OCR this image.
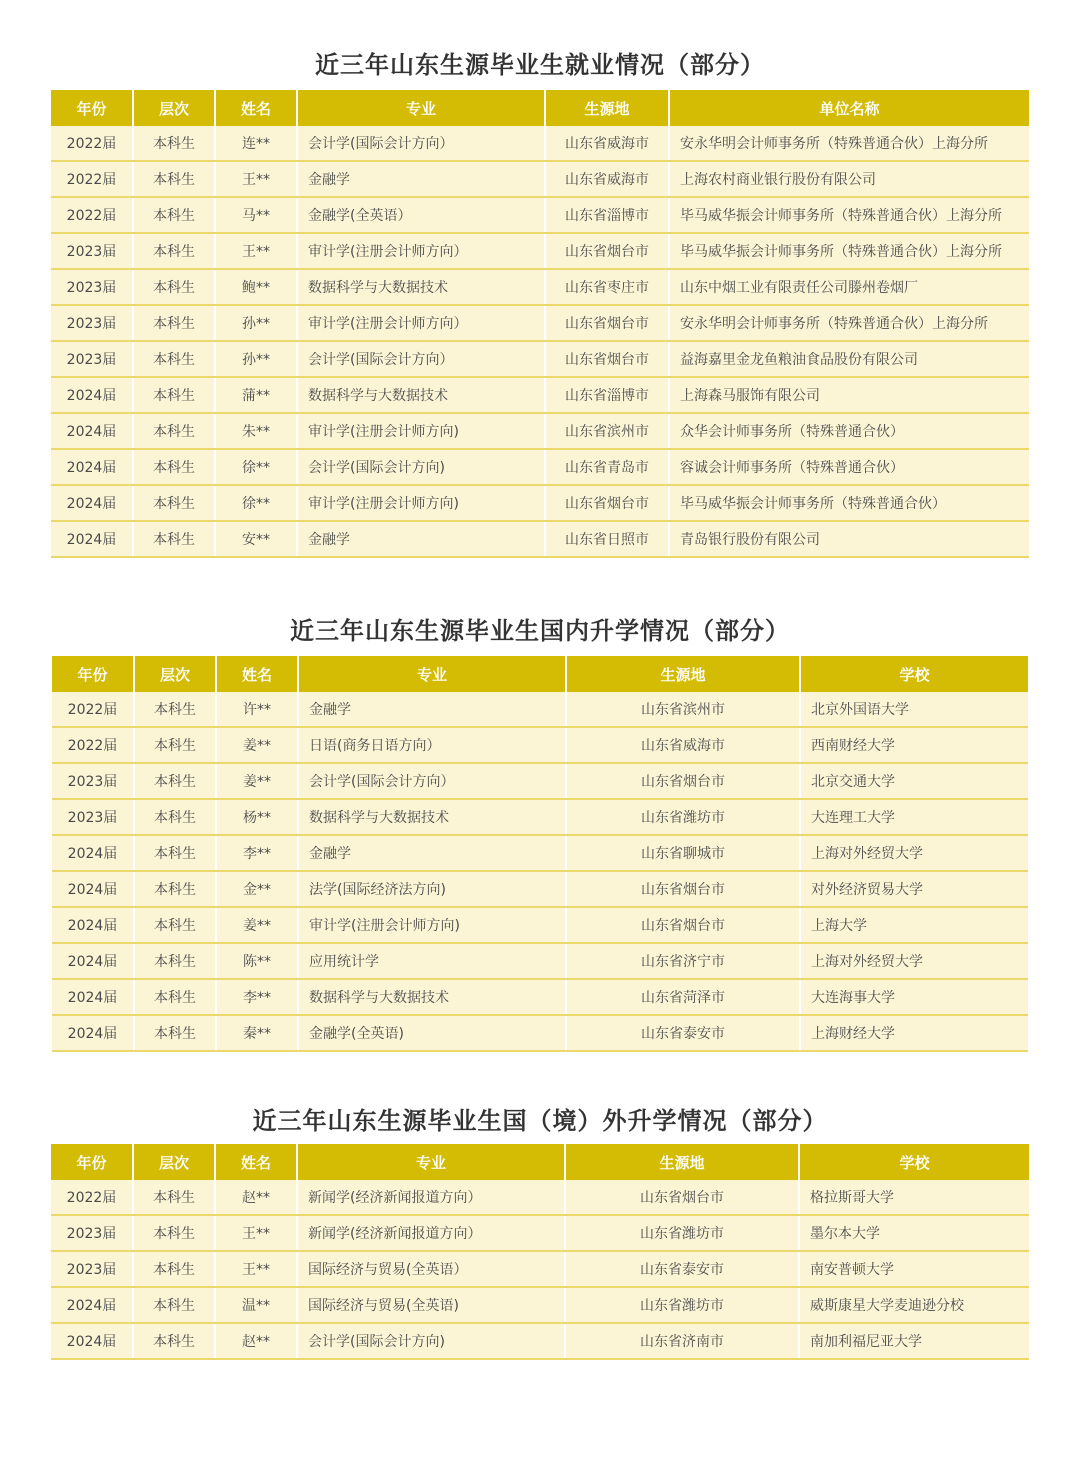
近三年山东生源毕业生就业情况（部分）
年份	层次	姓名	专业	生源地	单位名称
2022届	本科生	连**	会计学(国际会计方向）	山东省威海市	安永华明会计师事务所（特殊普通合伙）上海分所
2022届	本科生	王**	金融学	山东省威海市	上海农村商业银行股份有限公司
2022届	本科生	马**	金融学(全英语）	山东省淄博市	毕马威华振会计师事务所（特殊普通合伙）上海分所
2023届	本科生	王**	审计学(注册会计师方向）	山东省烟台市	毕马威华振会计师事务所（特殊普通合伙）上海分所
2023届	本科生	鲍**	数据科学与大数据技术	山东省枣庄市	山东中烟工业有限责任公司滕州卷烟厂
2023届	本科生	孙**	审计学(注册会计师方向）	山东省烟台市	安永华明会计师事务所（特殊普通合伙）上海分所
2023届	本科生	孙**	会计学(国际会计方向）	山东省烟台市	益海嘉里金龙鱼粮油食品股份有限公司
2024届	本科生	蒲**	数据科学与大数据技术	山东省淄博市	上海森马服饰有限公司
2024届	本科生	朱**	审计学(注册会计师方向)	山东省滨州市	众华会计师事务所（特殊普通合伙）
2024届	本科生	徐**	会计学(国际会计方向)	山东省青岛市	容诚会计师事务所（特殊普通合伙）
2024届	本科生	徐**	审计学(注册会计师方向)	山东省烟台市	毕马威华振会计师事务所（特殊普通合伙）
2024届	本科生	安**	金融学	山东省日照市	青岛银行股份有限公司
近三年山东生源毕业生国内升学情况（部分）
年份	层次	姓名	专业	生源地	学校
2022届	本科生	许**	金融学	山东省滨州市	北京外国语大学
2022届	本科生	姜**	日语(商务日语方向）	山东省威海市	西南财经大学
2023届	本科生	姜**	会计学(国际会计方向）	山东省烟台市	北京交通大学
2023届	本科生	杨**	数据科学与大数据技术	山东省潍坊市	大连理工大学
2024届	本科生	李**	金融学	山东省聊城市	上海对外经贸大学
2024届	本科生	金**	法学(国际经济法方向)	山东省烟台市	对外经济贸易大学
2024届	本科生	姜**	审计学(注册会计师方向)	山东省烟台市	上海大学
2024届	本科生	陈**	应用统计学	山东省济宁市	上海对外经贸大学
2024届	本科生	李**	数据科学与大数据技术	山东省菏泽市	大连海事大学
2024届	本科生	秦**	金融学(全英语)	山东省泰安市	上海财经大学
近三年山东生源毕业生国（境）外升学情况（部分）
年份	层次	姓名	专业	生源地	学校
2022届	本科生	赵**	新闻学(经济新闻报道方向）	山东省烟台市	格拉斯哥大学
2023届	本科生	王**	新闻学(经济新闻报道方向）	山东省潍坊市	墨尔本大学
2023届	本科生	王**	国际经济与贸易(全英语）	山东省泰安市	南安普顿大学
2024届	本科生	温**	国际经济与贸易(全英语)	山东省潍坊市	威斯康星大学麦迪逊分校
2024届	本科生	赵**	会计学(国际会计方向)	山东省济南市	南加利福尼亚大学
